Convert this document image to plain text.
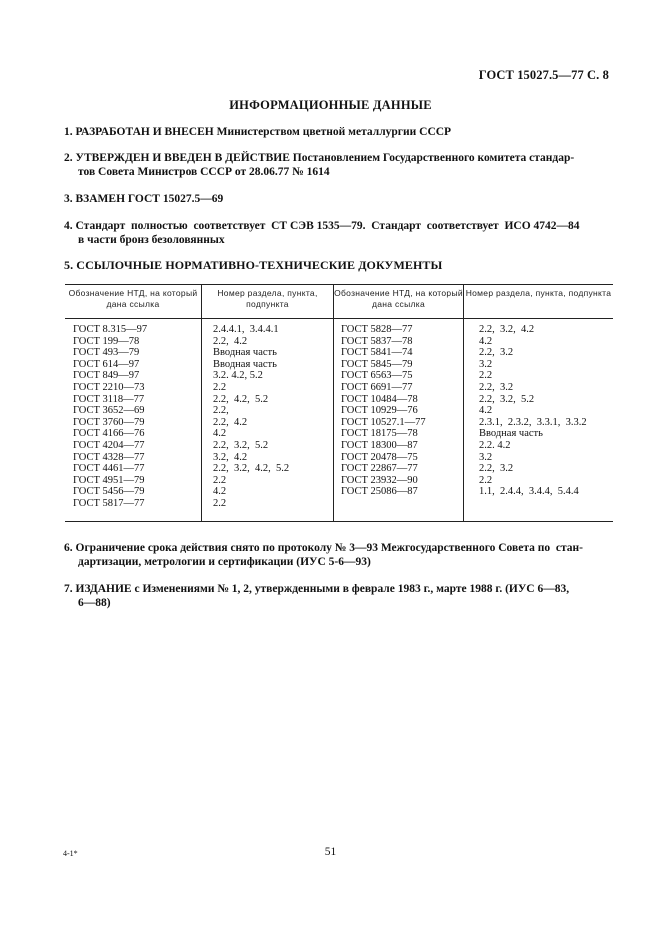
ГОСТ 15027.5—77 С. 8
ИНФОРМАЦИОННЫЕ ДАННЫЕ
1. РАЗРАБОТАН И ВНЕСЕН Министерством цветной металлургии СССР
2. УТВЕРЖДЕН И ВВЕДЕН В ДЕЙСТВИЕ Постановлением Государственного комитета стандар-
тов Совета Министров СССР от 28.06.77 № 1614
3. ВЗАМЕН ГОСТ 15027.5—69
4. Стандарт  полностью  соответствует  СТ СЭВ 1535—79.  Стандарт  соответствует  ИСО 4742—84
в части бронз безоловянных
5. ССЫЛОЧНЫЕ НОРМАТИВНО-ТЕХНИЧЕСКИЕ ДОКУМЕНТЫ
Обозначение НТД, на который дана ссылка
Номер раздела, пункта, подпункта
Обозначение НТД, на который дана ссылка
Номер раздела, пункта, подпункта
ГОСТ 8.315—97
ГОСТ 199—78
ГОСТ 493—79
ГОСТ 614—97
ГОСТ 849—97
ГОСТ 2210—73
ГОСТ 3118—77
ГОСТ 3652—69
ГОСТ 3760—79
ГОСТ 4166—76
ГОСТ 4204—77
ГОСТ 4328—77
ГОСТ 4461—77
ГОСТ 4951—79
ГОСТ 5456—79
ГОСТ 5817—77
2.4.4.1,  3.4.4.1
2.2,  4.2
Вводная часть
Вводная часть
3.2. 4.2, 5.2
2.2
2.2,  4.2,  5.2
2.2,
2.2,  4.2
4.2
2.2,  3.2,  5.2
3.2,  4.2
2.2,  3.2,  4.2,  5.2
2.2
4.2
2.2
ГОСТ 5828—77
ГОСТ 5837—78
ГОСТ 5841—74
ГОСТ 5845—79
ГОСТ 6563—75
ГОСТ 6691—77
ГОСТ 10484—78
ГОСТ 10929—76
ГОСТ 10527.1—77
ГОСТ 18175—78
ГОСТ 18300—87
ГОСТ 20478—75
ГОСТ 22867—77
ГОСТ 23932—90
ГОСТ 25086—87
2.2,  3.2,  4.2
4.2
2.2,  3.2
3.2
2.2
2.2,  3.2
2.2,  3.2,  5.2
4.2
2.3.1,  2.3.2,  3.3.1,  3.3.2
Вводная часть
2.2. 4.2
3.2
2.2,  3.2
2.2
1.1,  2.4.4,  3.4.4,  5.4.4
6. Ограничение срока действия снято по протоколу № 3—93 Межгосударственного Совета по  стан-
дартизации, метрологии и сертификации (ИУС 5-6—93)
7. ИЗДАНИЕ с Изменениями № 1, 2, утвержденными в феврале 1983 г., марте 1988 г. (ИУС 6—83,
6—88)
4-1*	51
